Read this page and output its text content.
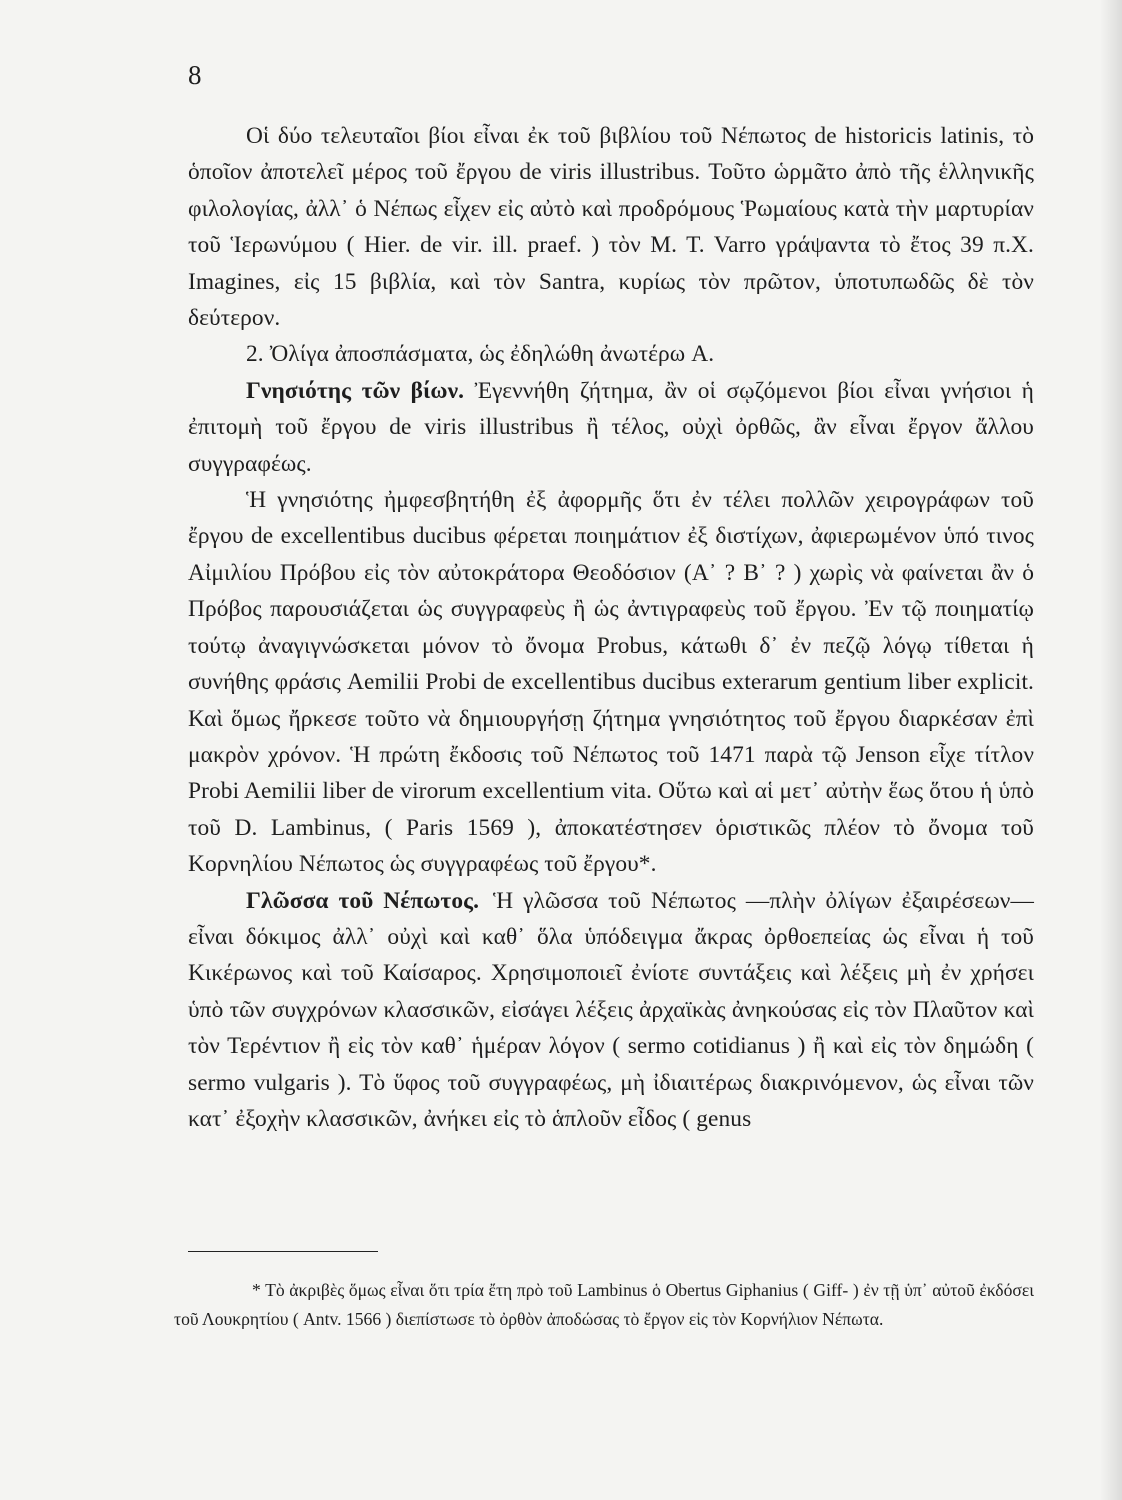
8

Οἱ δύο τελευταῖοι βίοι εἶναι ἐκ τοῦ βιβλίου τοῦ Νέπωτος de historicis latinis, τὸ ὁποῖον ἀποτελεῖ μέρος τοῦ ἔργου de viris illustribus. Τοῦτο ὡρμᾶτο ἀπὸ τῆς ἑλληνικῆς φιλολογίας, ἀλλ᾽ ὁ Νέπως εἶχεν εἰς αὐτὸ καὶ προδρόμους Ῥωμαίους κατὰ τὴν μαρτυρίαν τοῦ Ἱερωνύμου ( Hier. de vir. ill. praef. ) τὸν M. T. Varro γράψαντα τὸ ἔτος 39 π.Χ. Imagines, εἰς 15 βιβλία, καὶ τὸν Santra, κυρίως τὸν πρῶτον, ὑποτυπωδῶς δὲ τὸν δεύτερον.

2. Ὀλίγα ἀποσπάσματα, ὡς ἐδηλώθη ἀνωτέρω A.

Γνησιότης τῶν βίων. Ἐγεννήθη ζήτημα, ἂν οἱ σῳζόμενοι βίοι εἶναι γνήσιοι ἡ ἐπιτομὴ τοῦ ἔργου de viris illustribus ἢ τέλος, οὐχὶ ὀρθῶς, ἂν εἶναι ἔργον ἄλλου συγγραφέως.

Ἡ γνησιότης ἠμφεσβητήθη ἐξ ἀφορμῆς ὅτι ἐν τέλει πολλῶν χειρογράφων τοῦ ἔργου de excellentibus ducibus φέρεται ποιημάτιον ἐξ διστίχων, ἀφιερωμένον ὑπό τινος Αἰμιλίου Πρόβου εἰς τὸν αὐτοκράτορα Θεοδόσιον (Α᾽ ? Β᾽ ? ) χωρὶς νὰ φαίνεται ἂν ὁ Πρόβος παρουσιάζεται ὡς συγγραφεὺς ἢ ὡς ἀντιγραφεὺς τοῦ ἔργου. Ἐν τῷ ποιηματίῳ τούτῳ ἀναγιγνώσκεται μόνον τὸ ὄνομα Probus, κάτωθι δ᾽ ἐν πεζῷ λόγῳ τίθεται ἡ συνήθης φράσις Aemilii Probi de excellentibus ducibus exterarum gentium liber explicit. Καὶ ὅμως ἤρκεσε τοῦτο νὰ δημιουργήσῃ ζήτημα γνησιότητος τοῦ ἔργου διαρκέσαν ἐπὶ μακρὸν χρόνον. Ἡ πρώτη ἔκδοσις τοῦ Νέπωτος τοῦ 1471 παρὰ τῷ Jenson εἶχε τίτλον Probi Aemilii liber de virorum excellentium vita. Οὕτω καὶ αἱ μετ᾽ αὐτὴν ἕως ὅτου ἡ ὑπὸ τοῦ D. Lambinus, ( Paris 1569 ), ἀποκατέστησεν ὁριστικῶς πλέον τὸ ὄνομα τοῦ Κορνηλίου Νέπωτος ὡς συγγραφέως τοῦ ἔργου*.

Γλῶσσα τοῦ Νέπωτος. Ἡ γλῶσσα τοῦ Νέπωτος —πλὴν ὀλίγων ἐξαιρέσεων— εἶναι δόκιμος ἀλλ᾽ οὐχὶ καὶ καθ᾽ ὅλα ὑπόδειγμα ἄκρας ὀρθοεπείας ὡς εἶναι ἡ τοῦ Κικέρωνος καὶ τοῦ Καίσαρος. Χρησιμοποιεῖ ἐνίοτε συντάξεις καὶ λέξεις μὴ ἐν χρήσει ὑπὸ τῶν συγχρόνων κλασσικῶν, εἰσάγει λέξεις ἀρχαϊκὰς ἀνηκούσας εἰς τὸν Πλαῦτον καὶ τὸν Τερέντιον ἢ εἰς τὸν καθ᾽ ἡμέραν λόγον ( sermo cotidianus ) ἢ καὶ εἰς τὸν δημώδη ( sermo vulgaris ). Τὸ ὕφος τοῦ συγγραφέως, μὴ ἰδιαιτέρως διακρινόμενον, ὡς εἶναι τῶν κατ᾽ ἐξοχὴν κλασσικῶν, ἀνήκει εἰς τὸ ἁπλοῦν εἶδος ( genus

* Τὸ ἀκριβὲς ὅμως εἶναι ὅτι τρία ἔτη πρὸ τοῦ Lambinus ὁ Obertus Giphanius ( Giff- ) ἐν τῇ ὑπ᾽ αὐτοῦ ἐκδόσει τοῦ Λουκρητίου ( Antv. 1566 ) διεπίστωσε τὸ ὀρθὸν ἀποδώσας τὸ ἔργον εἰς τὸν Κορνήλιον Νέπωτα.
